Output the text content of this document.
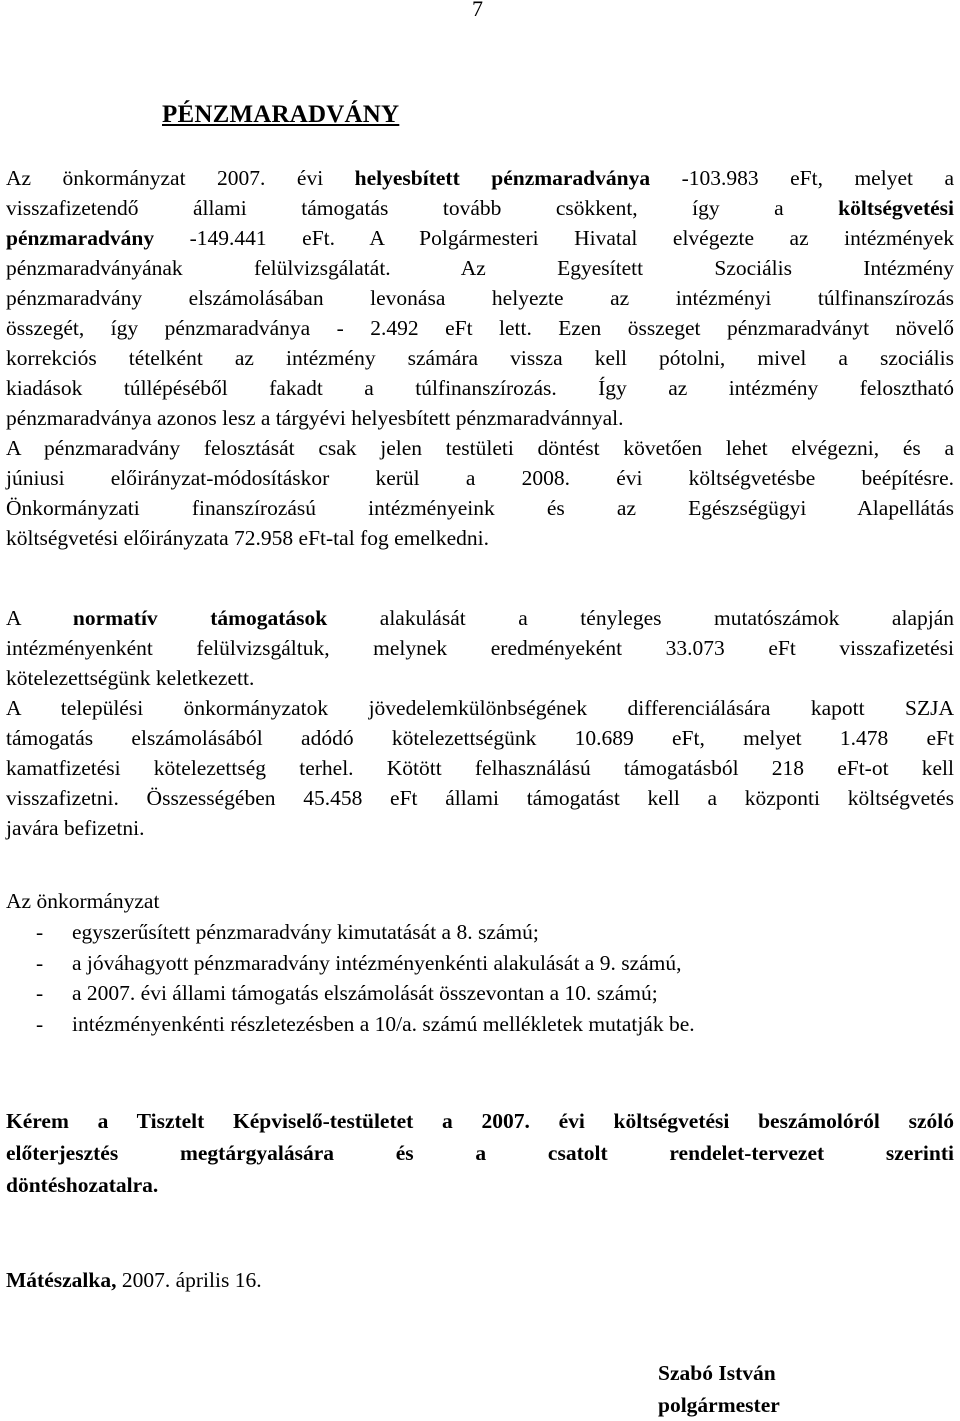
7
PÉNZMARADVÁNY
Az önkormányzat 2007. évi helyesbített pénzmaradványa -103.983 eFt, melyet a
visszafizetendő állami támogatás tovább csökkent, így a költségvetési
pénzmaradvány -149.441 eFt. A Polgármesteri Hivatal elvégezte az intézmények
pénzmaradványának felülvizsgálatát. Az Egyesített Szociális Intézmény
pénzmaradvány elszámolásában levonása helyezte az intézményi túlfinanszírozás
összegét, így pénzmaradványa - 2.492 eFt lett. Ezen összeget pénzmaradványt növelő
korrekciós tételként az intézmény számára vissza kell pótolni, mivel a szociális
kiadások túllépéséből fakadt a túlfinanszírozás. Így az intézmény felosztható
pénzmaradványa azonos lesz a tárgyévi helyesbített pénzmaradvánnyal.
A pénzmaradvány felosztását csak jelen testületi döntést követően lehet elvégezni, és a
júniusi előirányzat-módosításkor kerül a 2008. évi költségvetésbe beépítésre.
Önkormányzati finanszírozású intézményeink és az Egészségügyi Alapellátás
költségvetési előirányzata 72.958 eFt-tal fog emelkedni.
A normatív támogatások alakulását a tényleges mutatószámok alapján
intézményenként felülvizsgáltuk, melynek eredményeként 33.073 eFt visszafizetési
kötelezettségünk keletkezett.
A települési önkormányzatok jövedelemkülönbségének differenciálására kapott SZJA
támogatás elszámolásából adódó kötelezettségünk 10.689 eFt, melyet 1.478 eFt
kamatfizetési kötelezettség terhel. Kötött felhasználású támogatásból 218 eFt-ot kell
visszafizetni. Összességében 45.458 eFt állami támogatást kell a központi költségvetés
javára befizetni.
Az önkormányzat
- egyszerűsített pénzmaradvány kimutatását a 8. számú;
- a jóváhagyott pénzmaradvány intézményenkénti alakulását a 9. számú,
- a 2007. évi állami támogatás elszámolását összevontan a 10. számú;
- intézményenkénti részletezésben a 10/a. számú mellékletek mutatják be.
Kérem a Tisztelt Képviselő-testületet a 2007. évi költségvetési beszámolóról szóló
előterjesztés megtárgyalására és a csatolt rendelet-tervezet szerinti
döntéshozatalra.
Mátészalka, 2007. április 16.
Szabó István
polgármester
